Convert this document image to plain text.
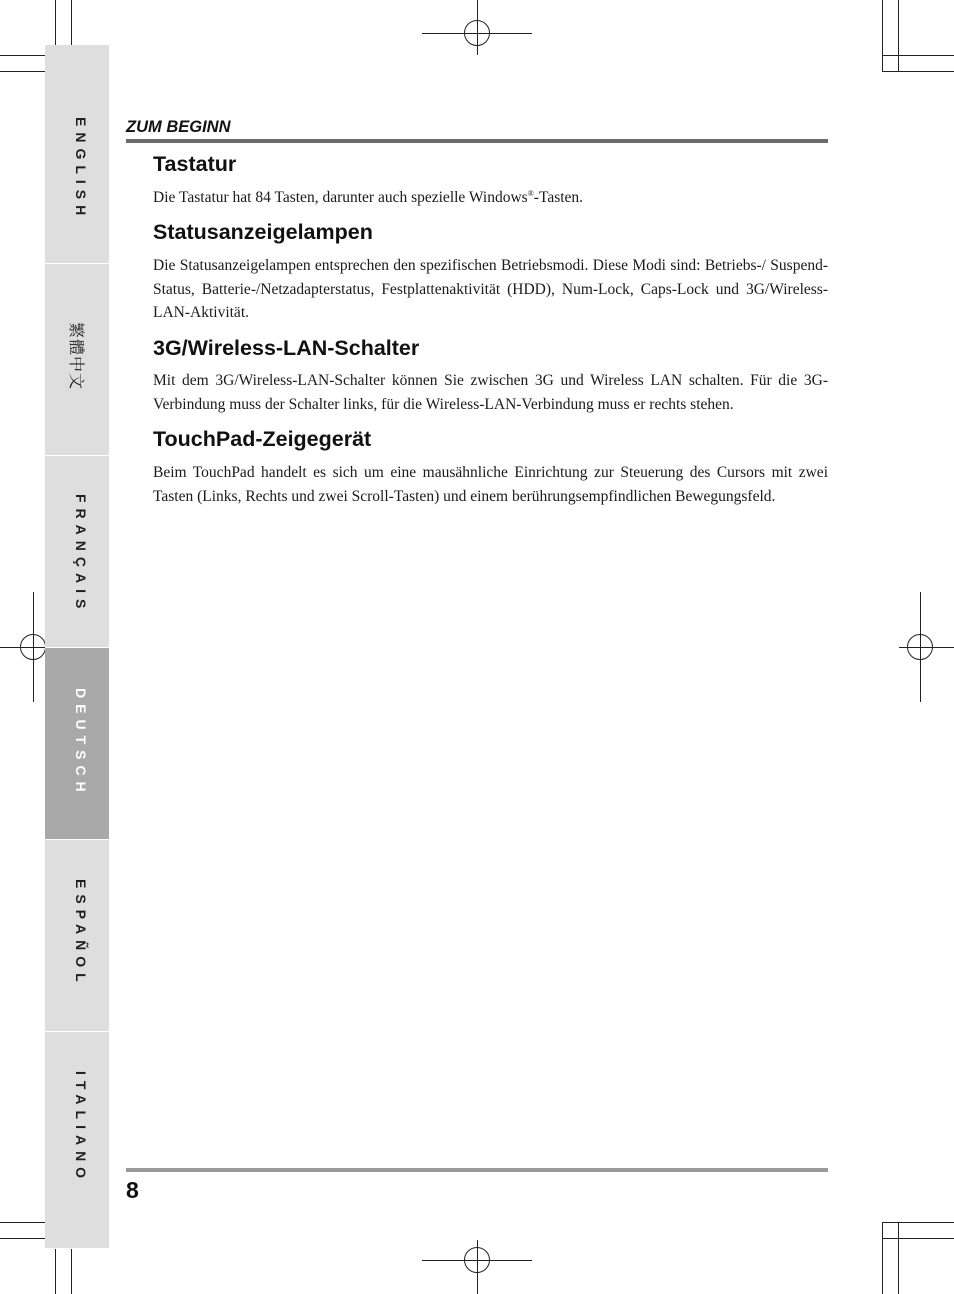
ENGLISH
繁體中文
FRANÇAIS
DEUTSCH
ESPAÑOL
ITALIANO
ZUM BEGINN
Tastatur

Die Tastatur hat 84 Tasten, darunter auch spezielle Windows®-Tasten.

Statusanzeigelampen

Die Statusanzeigelampen entsprechen den spezifischen Betriebsmodi. Diese Modi sind: Betriebs-/ Suspend-Status, Batterie-/Netzadapterstatus, Festplattenaktivität (HDD), Num-Lock, Caps-Lock und 3G/Wireless-LAN-Aktivität.

3G/Wireless-LAN-Schalter

Mit dem 3G/Wireless-LAN-Schalter können Sie zwischen 3G und Wireless LAN schalten. Für die 3G-Verbindung muss der Schalter links, für die Wireless-LAN-Verbindung muss er rechts stehen.

TouchPad-Zeigegerät

Beim TouchPad handelt es sich um eine mausähnliche Einrichtung zur Steuerung des Cursors mit zwei Tasten (Links, Rechts und zwei Scroll-Tasten) und einem berührungsempfindlichen Bewegungsfeld.

8
